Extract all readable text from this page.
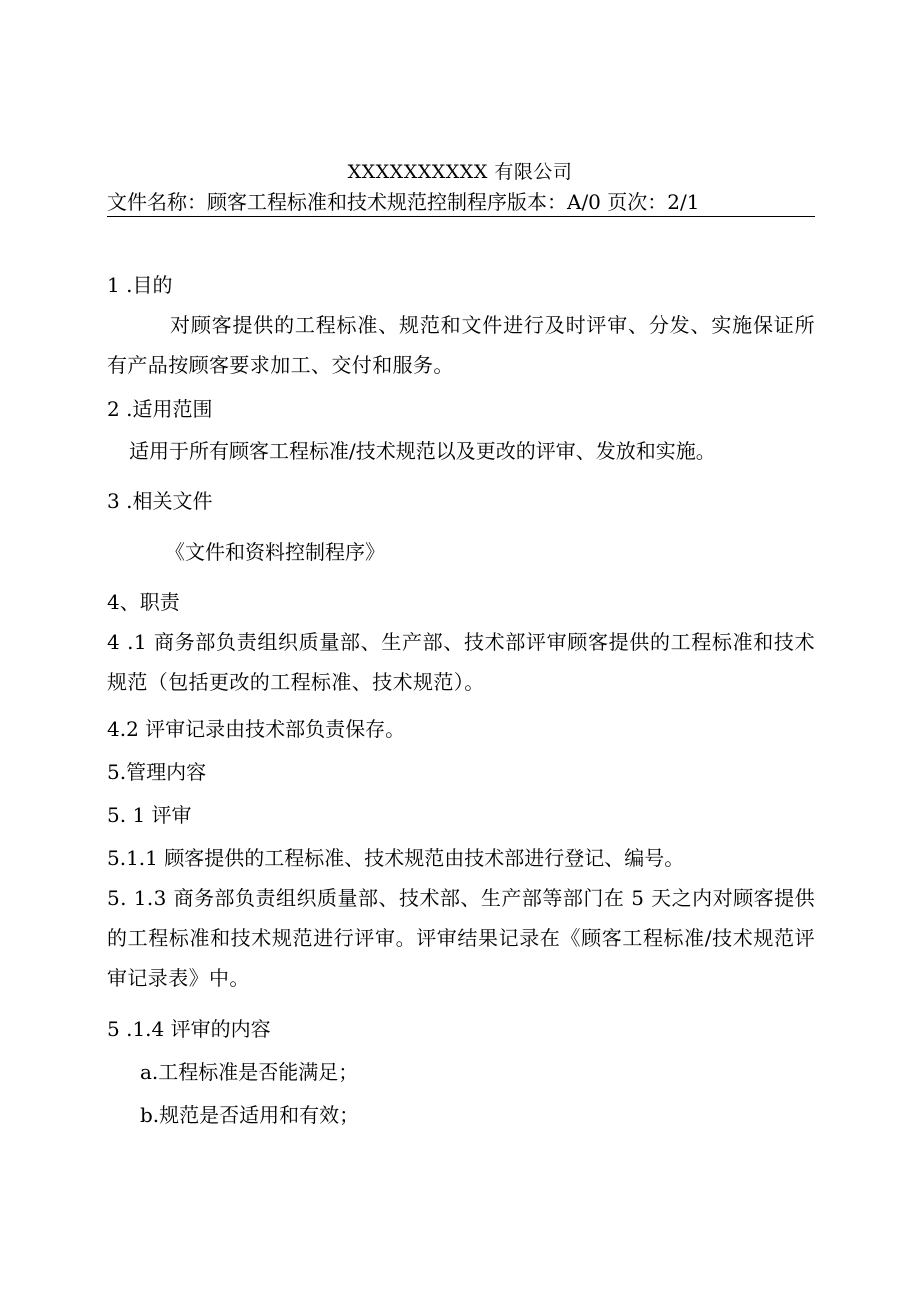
XXXXXXXXXX 有限公司
文件名称：顾客工程标准和技术规范控制程序版本：A/0 页次：2/1
1 .目的
对顾客提供的工程标准、规范和文件进行及时评审、分发、实施保证所有产品按顾客要求加工、交付和服务。
2 .适用范围
适用于所有顾客工程标准/技术规范以及更改的评审、发放和实施。
3 .相关文件
《文件和资料控制程序》
4、职责
4 .1 商务部负责组织质量部、生产部、技术部评审顾客提供的工程标准和技术规范（包括更改的工程标准、技术规范）。
4.2 评审记录由技术部负责保存。
5.管理内容
5. 1 评审
5.1.1 顾客提供的工程标准、技术规范由技术部进行登记、编号。
5. 1.3 商务部负责组织质量部、技术部、生产部等部门在 5 天之内对顾客提供的工程标准和技术规范进行评审。评审结果记录在《顾客工程标准/技术规范评审记录表》中。
5 .1.4 评审的内容
a.工程标准是否能满足；
b.规范是否适用和有效；
